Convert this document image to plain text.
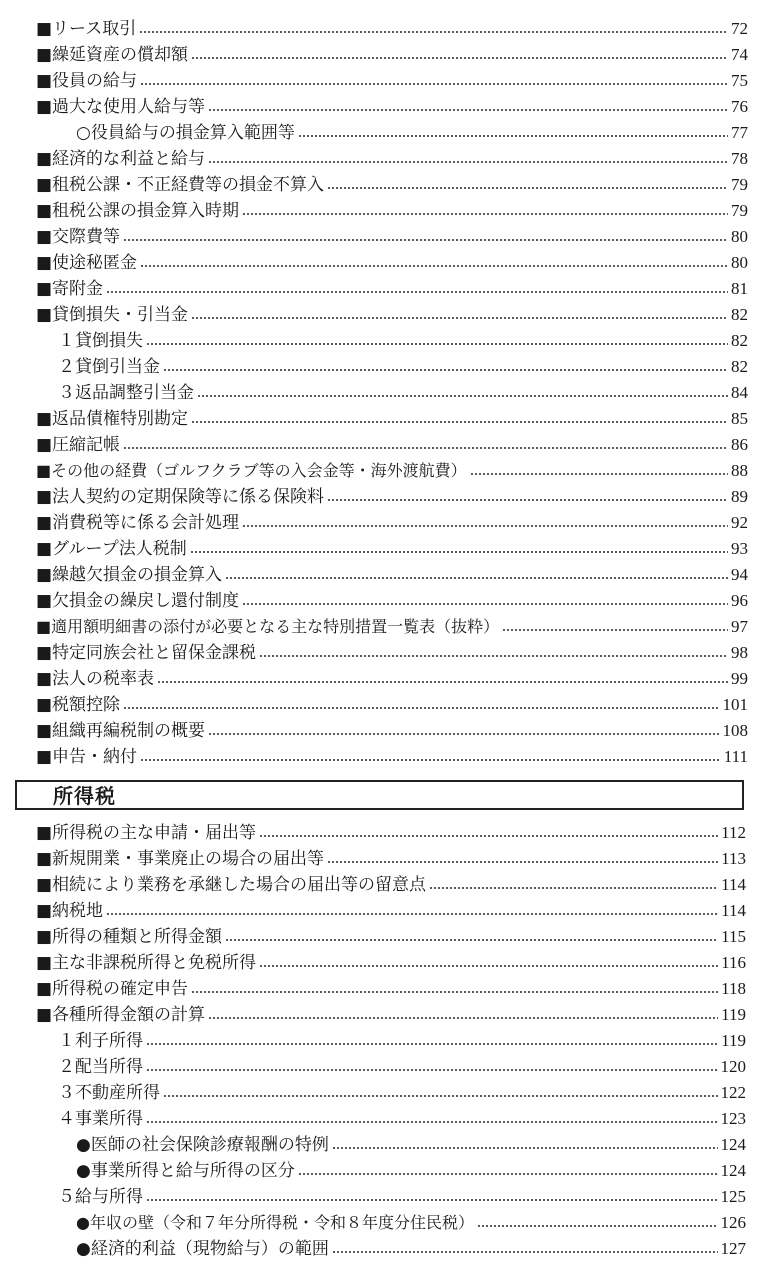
■リース取引	72
■繰延資産の償却額	74
■役員の給与	75
■過大な使用人給与等	76
○役員給与の損金算入範囲等	77
■経済的な利益と給与	78
■租税公課・不正経費等の損金不算入	79
■租税公課の損金算入時期	79
■交際費等	80
■使途秘匿金	80
■寄附金	81
■貸倒損失・引当金	82
１貸倒損失	82
２貸倒引当金	82
３返品調整引当金	84
■返品債権特別勘定	85
■圧縮記帳	86
■その他の経費（ゴルフクラブ等の入会金等・海外渡航費）	88
■法人契約の定期保険等に係る保険料	89
■消費税等に係る会計処理	92
■グループ法人税制	93
■繰越欠損金の損金算入	94
■欠損金の繰戻し還付制度	96
■適用額明細書の添付が必要となる主な特別措置一覧表（抜粋）	97
■特定同族会社と留保金課税	98
■法人の税率表	99
■税額控除	101
■組織再編税制の概要	108
■申告・納付	111
所得税
■所得税の主な申請・届出等	112
■新規開業・事業廃止の場合の届出等	113
■相続により業務を承継した場合の届出等の留意点	114
■納税地	114
■所得の種類と所得金額	115
■主な非課税所得と免税所得	116
■所得税の確定申告	118
■各種所得金額の計算	119
１利子所得	119
２配当所得	120
３不動産所得	122
４事業所得	123
●医師の社会保険診療報酬の特例	124
●事業所得と給与所得の区分	124
５給与所得	125
●年収の壁（令和７年分所得税・令和８年度分住民税）	126
●経済的利益（現物給与）の範囲	127
